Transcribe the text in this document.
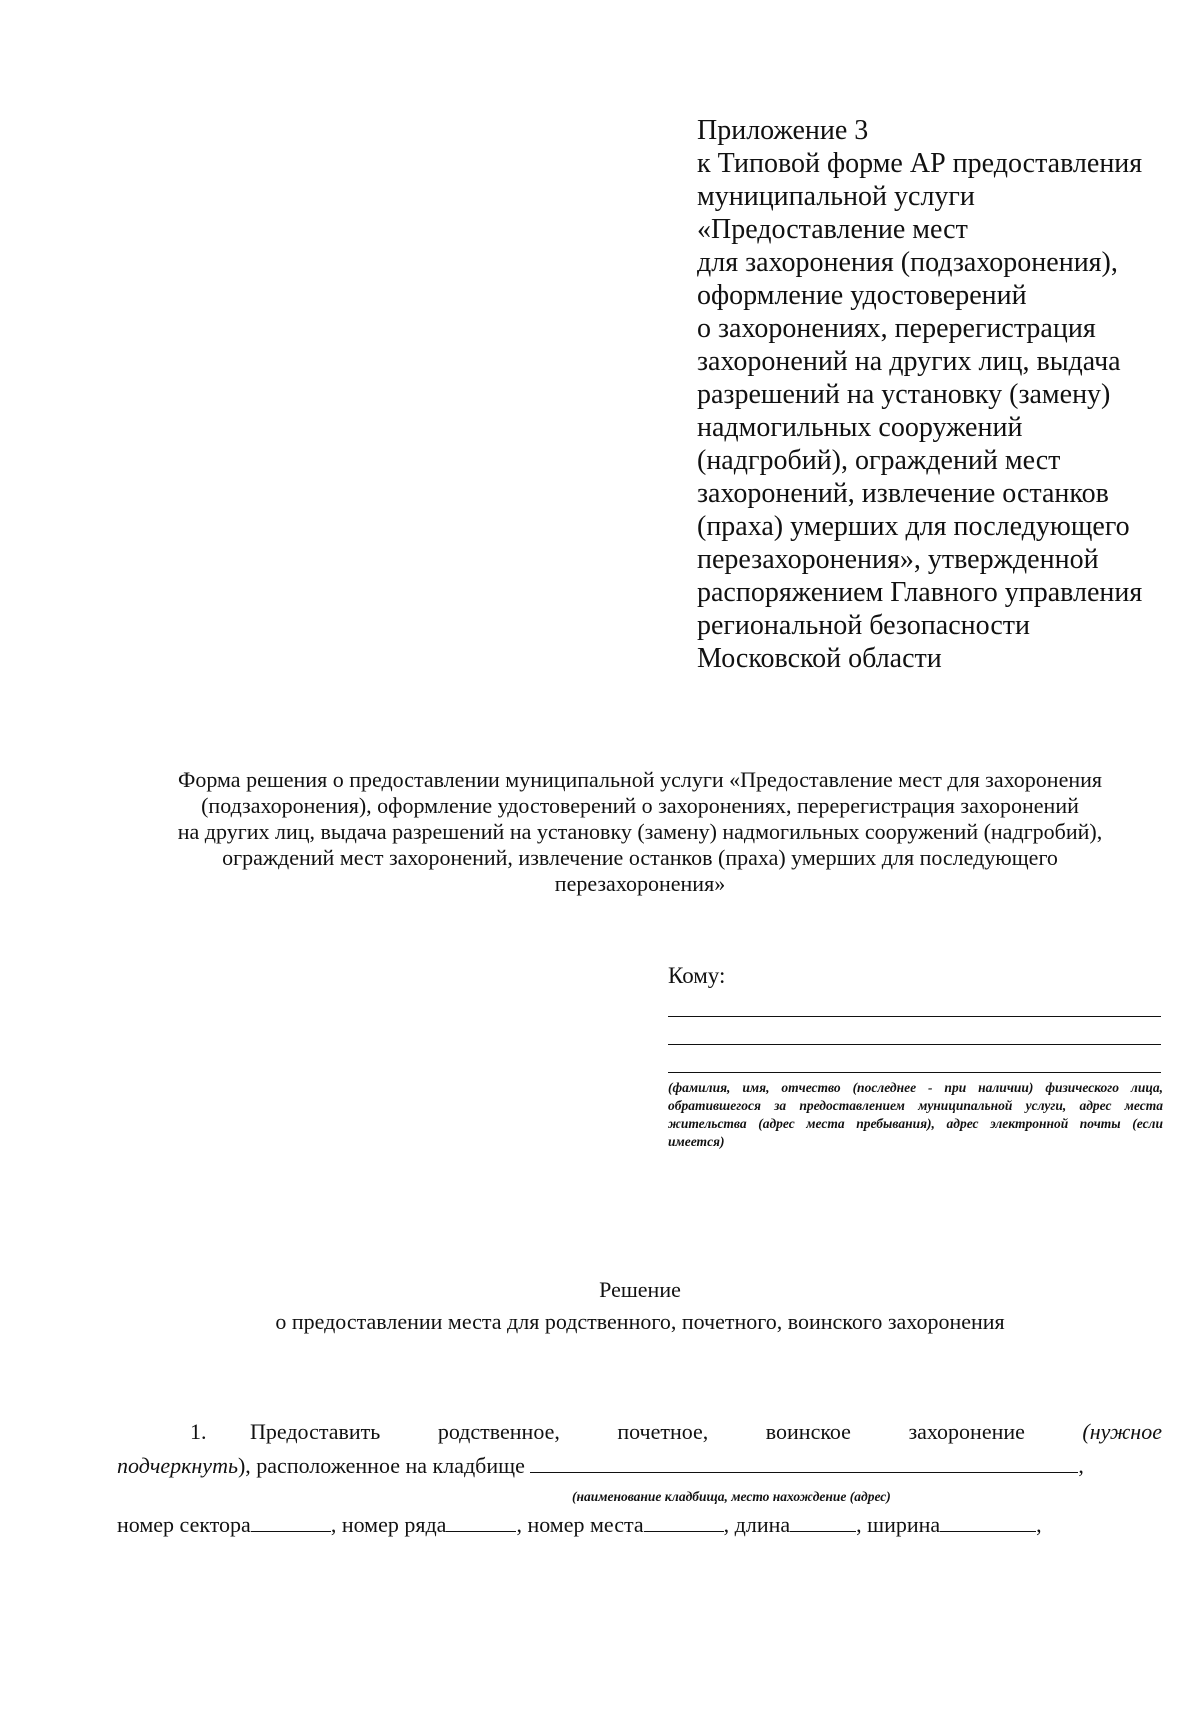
Приложение 3
к Типовой форме АР предоставления
муниципальной услуги
«Предоставление мест
для захоронения (подзахоронения),
оформление удостоверений
о захоронениях, перерегистрация
захоронений на других лиц, выдача
разрешений на установку (замену)
надмогильных сооружений
(надгробий), ограждений мест
захоронений, извлечение останков
(праха) умерших для последующего
перезахоронения», утвержденной
распоряжением Главного управления
региональной безопасности
Московской области
Форма решения о предоставлении муниципальной услуги «Предоставление мест для захоронения
(подзахоронения), оформление удостоверений о захоронениях, перерегистрация захоронений
на других лиц, выдача разрешений на установку (замену) надмогильных сооружений (надгробий),
ограждений мест захоронений, извлечение останков (праха) умерших для последующего
перезахоронения»
Кому:
(фамилия, имя, отчество (последнее - при наличии) физического лица, обратившегося за предоставлением муниципальной услуги, адрес места жительства (адрес места пребывания), адрес электронной почты (если имеется)
Решение
о предоставлении места для родственного, почетного, воинского захоронения
1. Предоставить	родственное,	почетное,	воинское	захоронение	(нужное
подчеркнуть), расположенное на кладбище	,
(наименование кладбища, место нахождение (адрес)
номер сектора	, номер ряда	, номер места	, длина	, ширина	,
